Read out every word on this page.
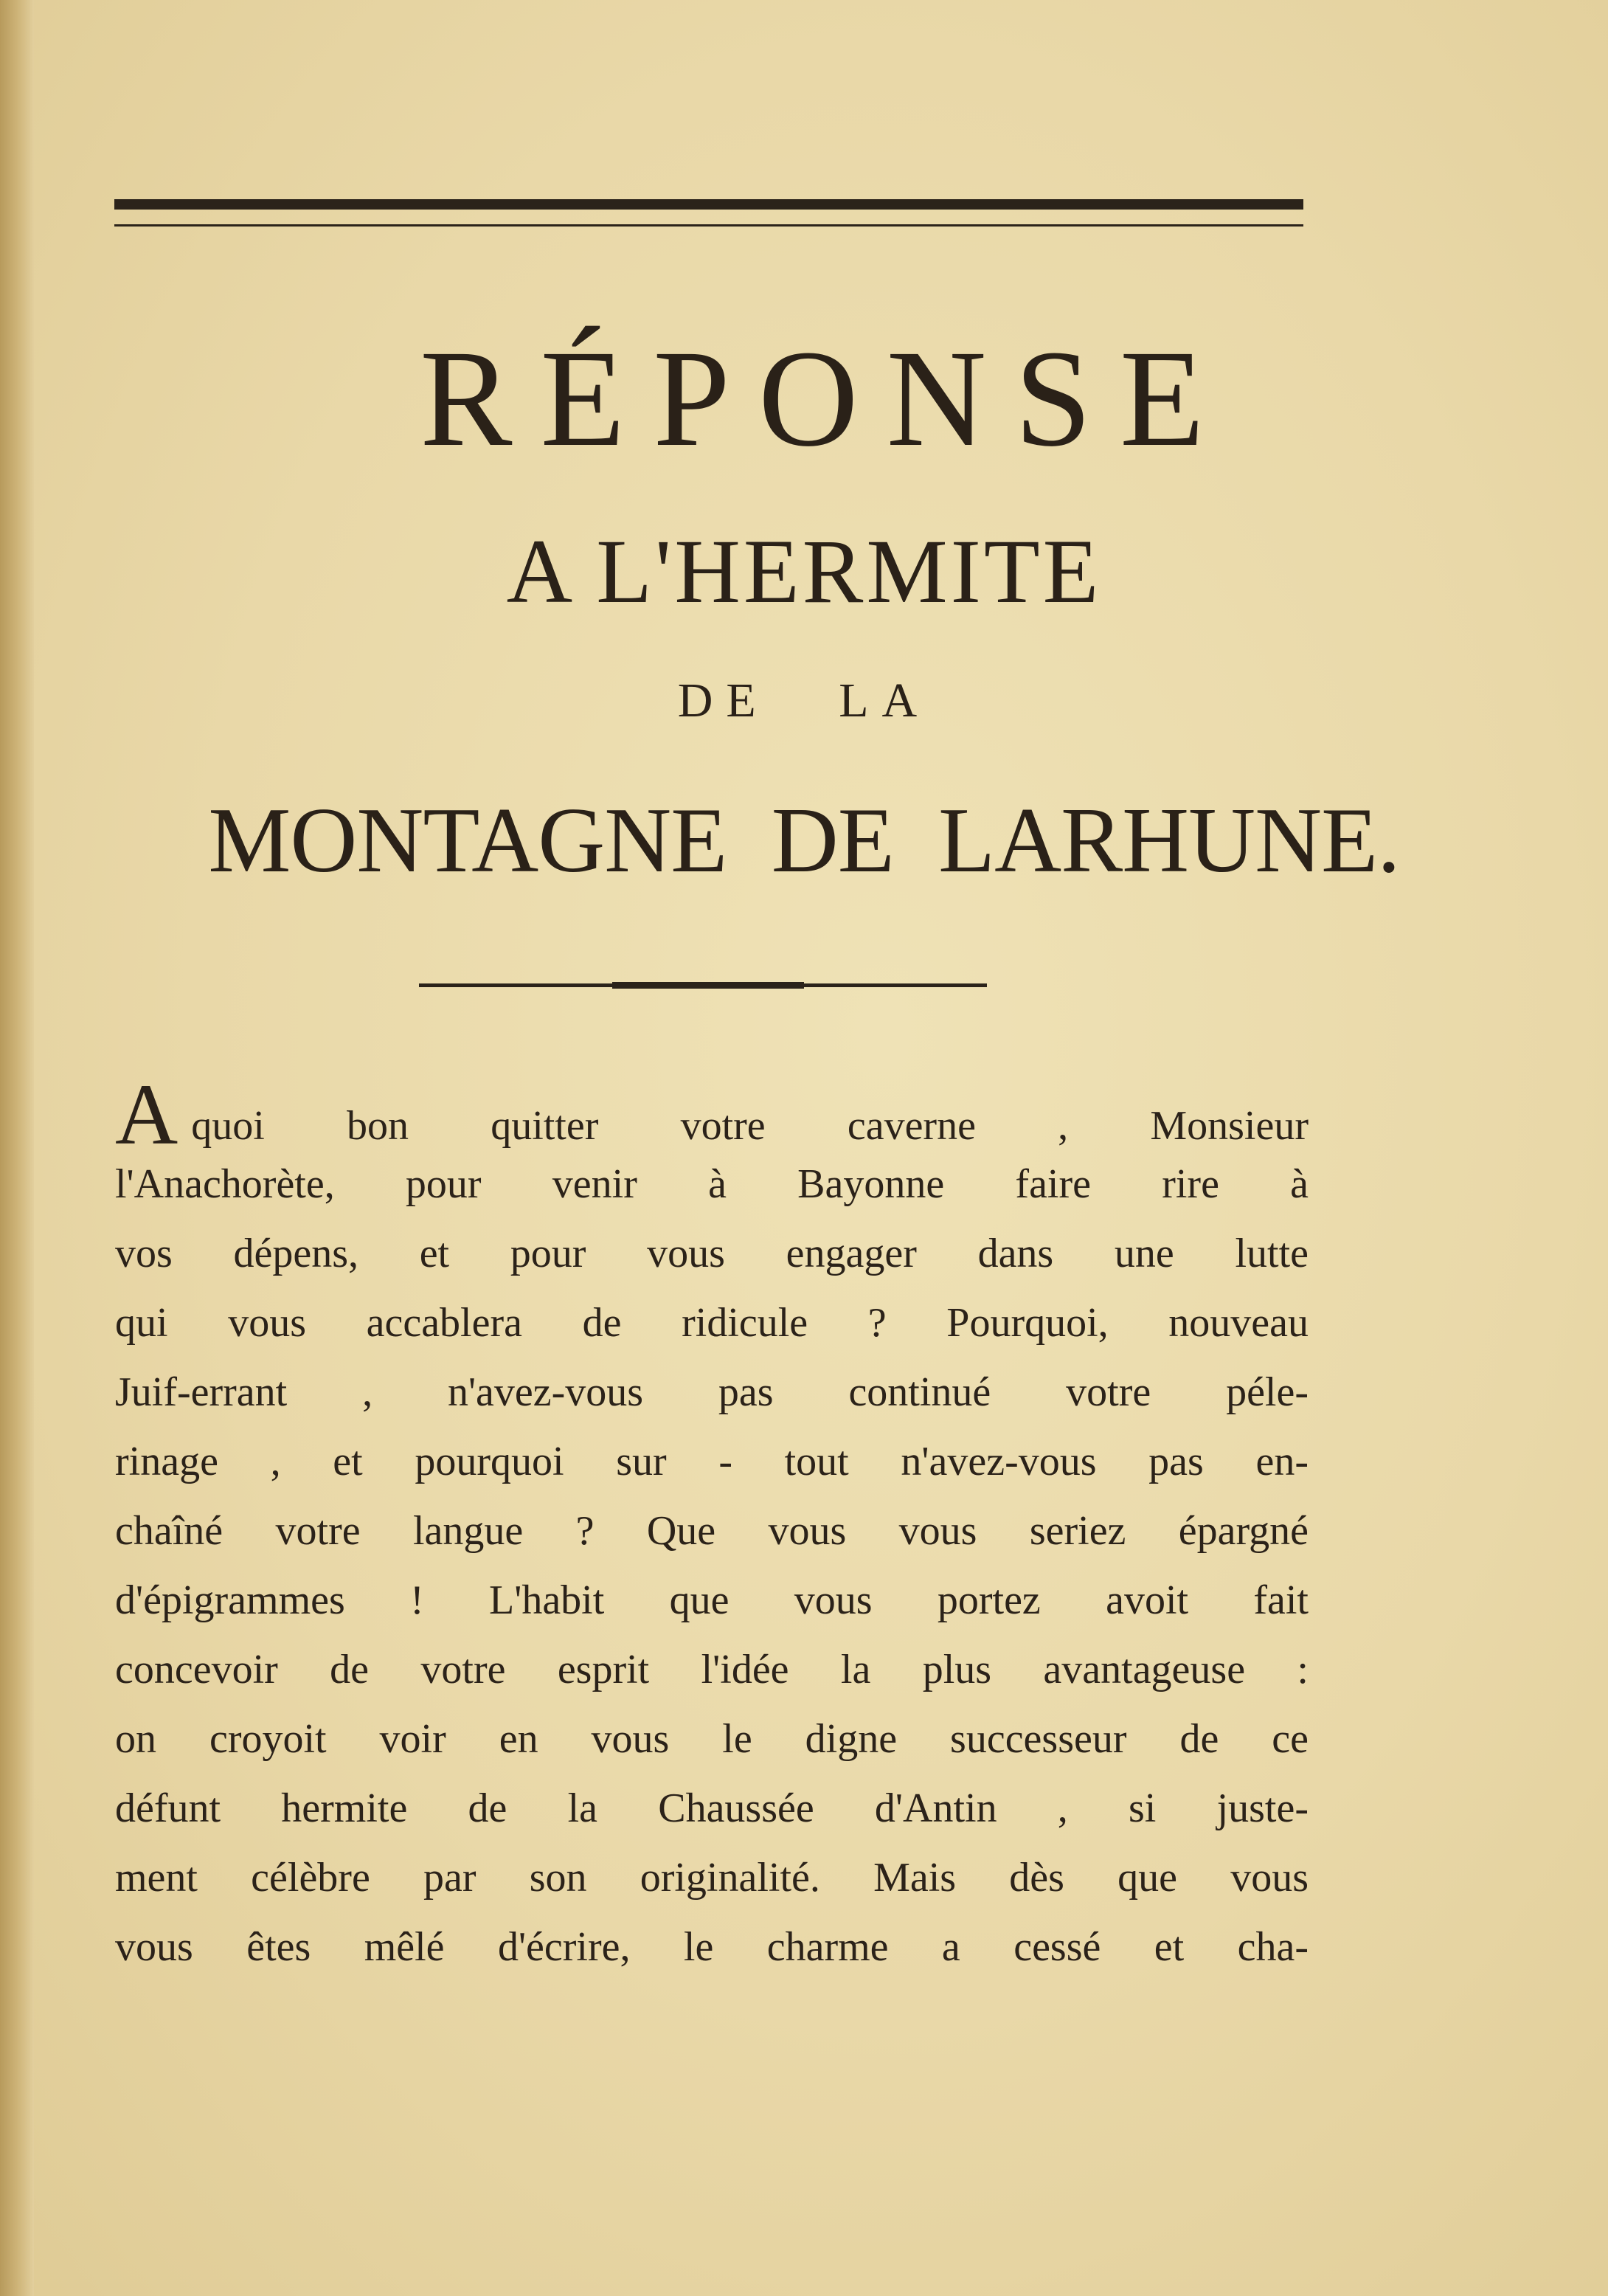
RÉPONSE
A L'HERMITE
DE LA
MONTAGNE DE LARHUNE.
Aquoi bon quitter votre caverne , Monsieur
l'Anachorète, pour venir à Bayonne faire rire à
vos dépens, et pour vous engager dans une lutte
qui vous accablera de ridicule ? Pourquoi, nouveau
Juif-errant , n'avez-vous pas continué votre péle-
rinage , et pourquoi sur - tout n'avez-vous pas en-
chaîné votre langue ? Que vous vous seriez épargné
d'épigrammes ! L'habit que vous portez avoit fait
concevoir de votre esprit l'idée la plus avantageuse :
on croyoit voir en vous le digne successeur de ce
défunt hermite de la Chaussée d'Antin , si juste-
ment célèbre par son originalité. Mais dès que vous
vous êtes mêlé d'écrire, le charme a cessé et cha-
